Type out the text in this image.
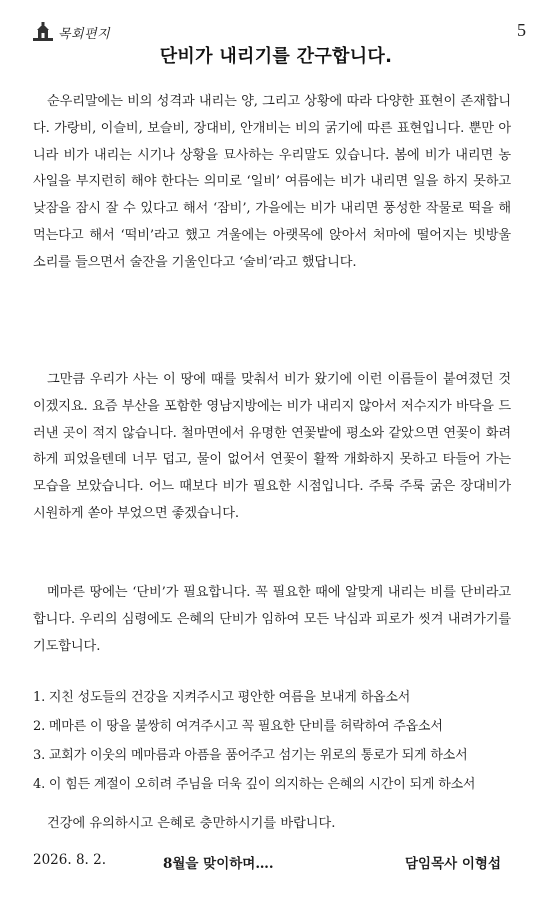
목회편지	5
단비가 내리기를 간구합니다.

순우리말에는 비의 성격과 내리는 양, 그리고 상황에 따라 다양한 표현이 존재합니다. 가랑비, 이슬비, 보슬비, 장대비, 안개비는 비의 굵기에 따른 표현입니다. 뿐만 아니라 비가 내리는 시기나 상황을 묘사하는 우리말도 있습니다. 봄에 비가 내리면 농사일을 부지런히 해야 한다는 의미로 ‘일비’ 여름에는 비가 내리면 일을 하지 못하고 낮잠을 잠시 잘 수 있다고 해서 ‘잠비’, 가을에는 비가 내리면 풍성한 작물로 떡을 해먹는다고 해서 ‘떡비’라고 했고 겨울에는 아랫목에 앉아서 처마에 떨어지는 빗방울 소리를 들으면서 술잔을 기울인다고 ‘술비’라고 했답니다.

그만큼 우리가 사는 이 땅에 때를 맞춰서 비가 왔기에 이런 이름들이 붙여졌던 것이겠지요. 요즘 부산을 포함한 영남지방에는 비가 내리지 않아서 저수지가 바닥을 드러낸 곳이 적지 않습니다. 철마면에서 유명한 연꽃밭에 평소와 같았으면 연꽃이 화려하게 피었을텐데 너무 덥고, 물이 없어서 연꽃이 활짝 개화하지 못하고 타들어 가는 모습을 보았습니다. 어느 때보다 비가 필요한 시점입니다. 주룩 주룩 굵은 장대비가 시원하게 쏟아 부었으면 좋겠습니다.

메마른 땅에는 ‘단비’가 필요합니다. 꼭 필요한 때에 알맞게 내리는 비를 단비라고 합니다. 우리의 심령에도 은혜의 단비가 임하여 모든 낙심과 피로가 씻겨 내려가기를 기도합니다.

1. 지친 성도들의 건강을 지켜주시고 평안한 여름을 보내게 하옵소서
2. 메마른 이 땅을 불쌍히 여겨주시고 꼭 필요한 단비를 허락하여 주옵소서
3. 교회가 이웃의 메마름과 아픔을 품어주고 섬기는 위로의 통로가 되게 하소서
4. 이 힘든 계절이 오히려 주님을 더욱 깊이 의지하는 은혜의 시간이 되게 하소서
건강에 유의하시고 은혜로 충만하시기를 바랍니다.
2026. 8. 2.	8월을 맞이하며….	담임목사 이형섭
